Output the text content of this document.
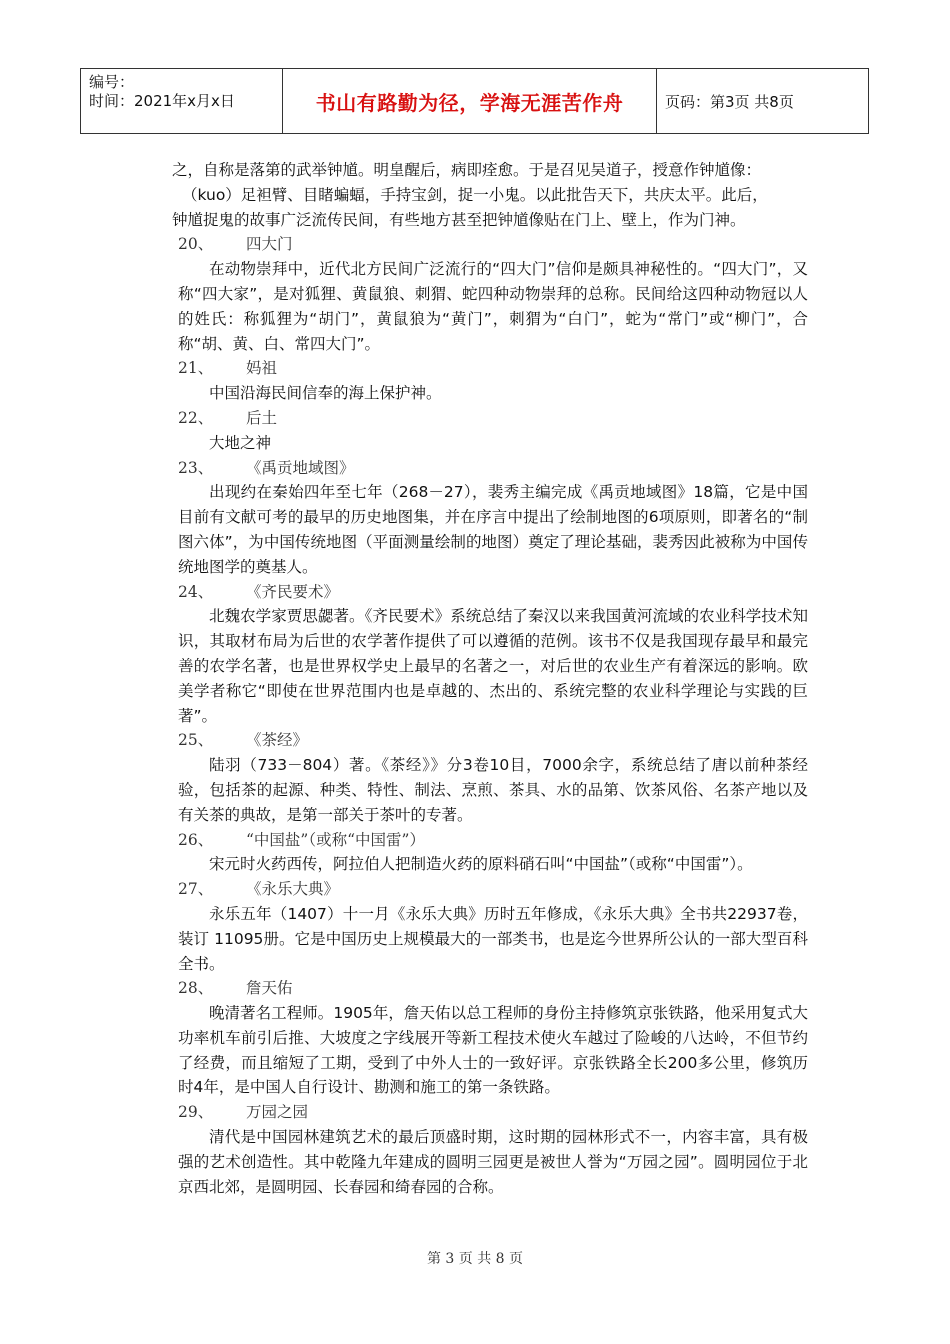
编号：
时间：2021年x月x日	书山有路勤为径，学海无涯苦作舟	页码：第3页 共8页

之，自称是落第的武举钟馗。明皇醒后，病即痊愈。于是召见吴道子，授意作钟馗像：
（kuo）足袒臂、目睹蝙蝠，手持宝剑，捉一小鬼。以此批告天下，共庆太平。此后，
钟馗捉鬼的故事广泛流传民间，有些地方甚至把钟馗像贴在门上、壁上，作为门神。

20、	四大门

在动物崇拜中，近代北方民间广泛流行的“四大门”信仰是颇具神秘性的。“四大门”，又称“四大家”，是对狐狸、黄鼠狼、刺猬、蛇四种动物崇拜的总称。民间给这四种动物冠以人的姓氏：称狐狸为“胡门”，黄鼠狼为“黄门”，刺猬为“白门”，蛇为“常门”或“柳门”，合称“胡、黄、白、常四大门”。

21、	妈祖

中国沿海民间信奉的海上保护神。

22、	后土

大地之神

23、	《禹贡地域图》

出现约在秦始四年至七年（268－27），裴秀主编完成《禹贡地域图》18篇，它是中国目前有文献可考的最早的历史地图集，并在序言中提出了绘制地图的6项原则，即著名的“制图六体”，为中国传统地图（平面测量绘制的地图）奠定了理论基础，裴秀因此被称为中国传统地图学的奠基人。

24、	《齐民要术》

北魏农学家贾思勰著。《齐民要术》系统总结了秦汉以来我国黄河流域的农业科学技术知识，其取材布局为后世的农学著作提供了可以遵循的范例。该书不仅是我国现存最早和最完善的农学名著，也是世界权学史上最早的名著之一，对后世的农业生产有着深远的影响。欧美学者称它“即使在世界范围内也是卓越的、杰出的、系统完整的农业科学理论与实践的巨著”。

25、	《茶经》

陆羽（733－804）著。《茶经》》分3卷10目，7000余字，系统总结了唐以前种茶经验，包括茶的起源、种类、特性、制法、烹煎、茶具、水的品第、饮茶风俗、名茶产地以及有关茶的典故，是第一部关于茶叶的专著。

26、	“中国盐”（或称“中国雷”）

宋元时火药西传，阿拉伯人把制造火药的原料硝石叫“中国盐”（或称“中国雷”）。

27、	《永乐大典》

永乐五年（1407）十一月《永乐大典》历时五年修成，《永乐大典》全书共22937卷，装订 11095册。它是中国历史上规模最大的一部类书，也是迄今世界所公认的一部大型百科全书。

28、	詹天佑

晚清著名工程师。1905年，詹天佑以总工程师的身份主持修筑京张铁路，他采用复式大功率机车前引后推、大坡度之字线展开等新工程技术使火车越过了险峻的八达岭，不但节约了经费，而且缩短了工期，受到了中外人士的一致好评。京张铁路全长200多公里，修筑历时4年，是中国人自行设计、勘测和施工的第一条铁路。

29、	万园之园

清代是中国园林建筑艺术的最后顶盛时期，这时期的园林形式不一，内容丰富，具有极强的艺术创造性。其中乾隆九年建成的圆明三园更是被世人誉为“万园之园”。圆明园位于北京西北郊，是圆明园、长春园和绮春园的合称。

第 3 页 共 8 页
